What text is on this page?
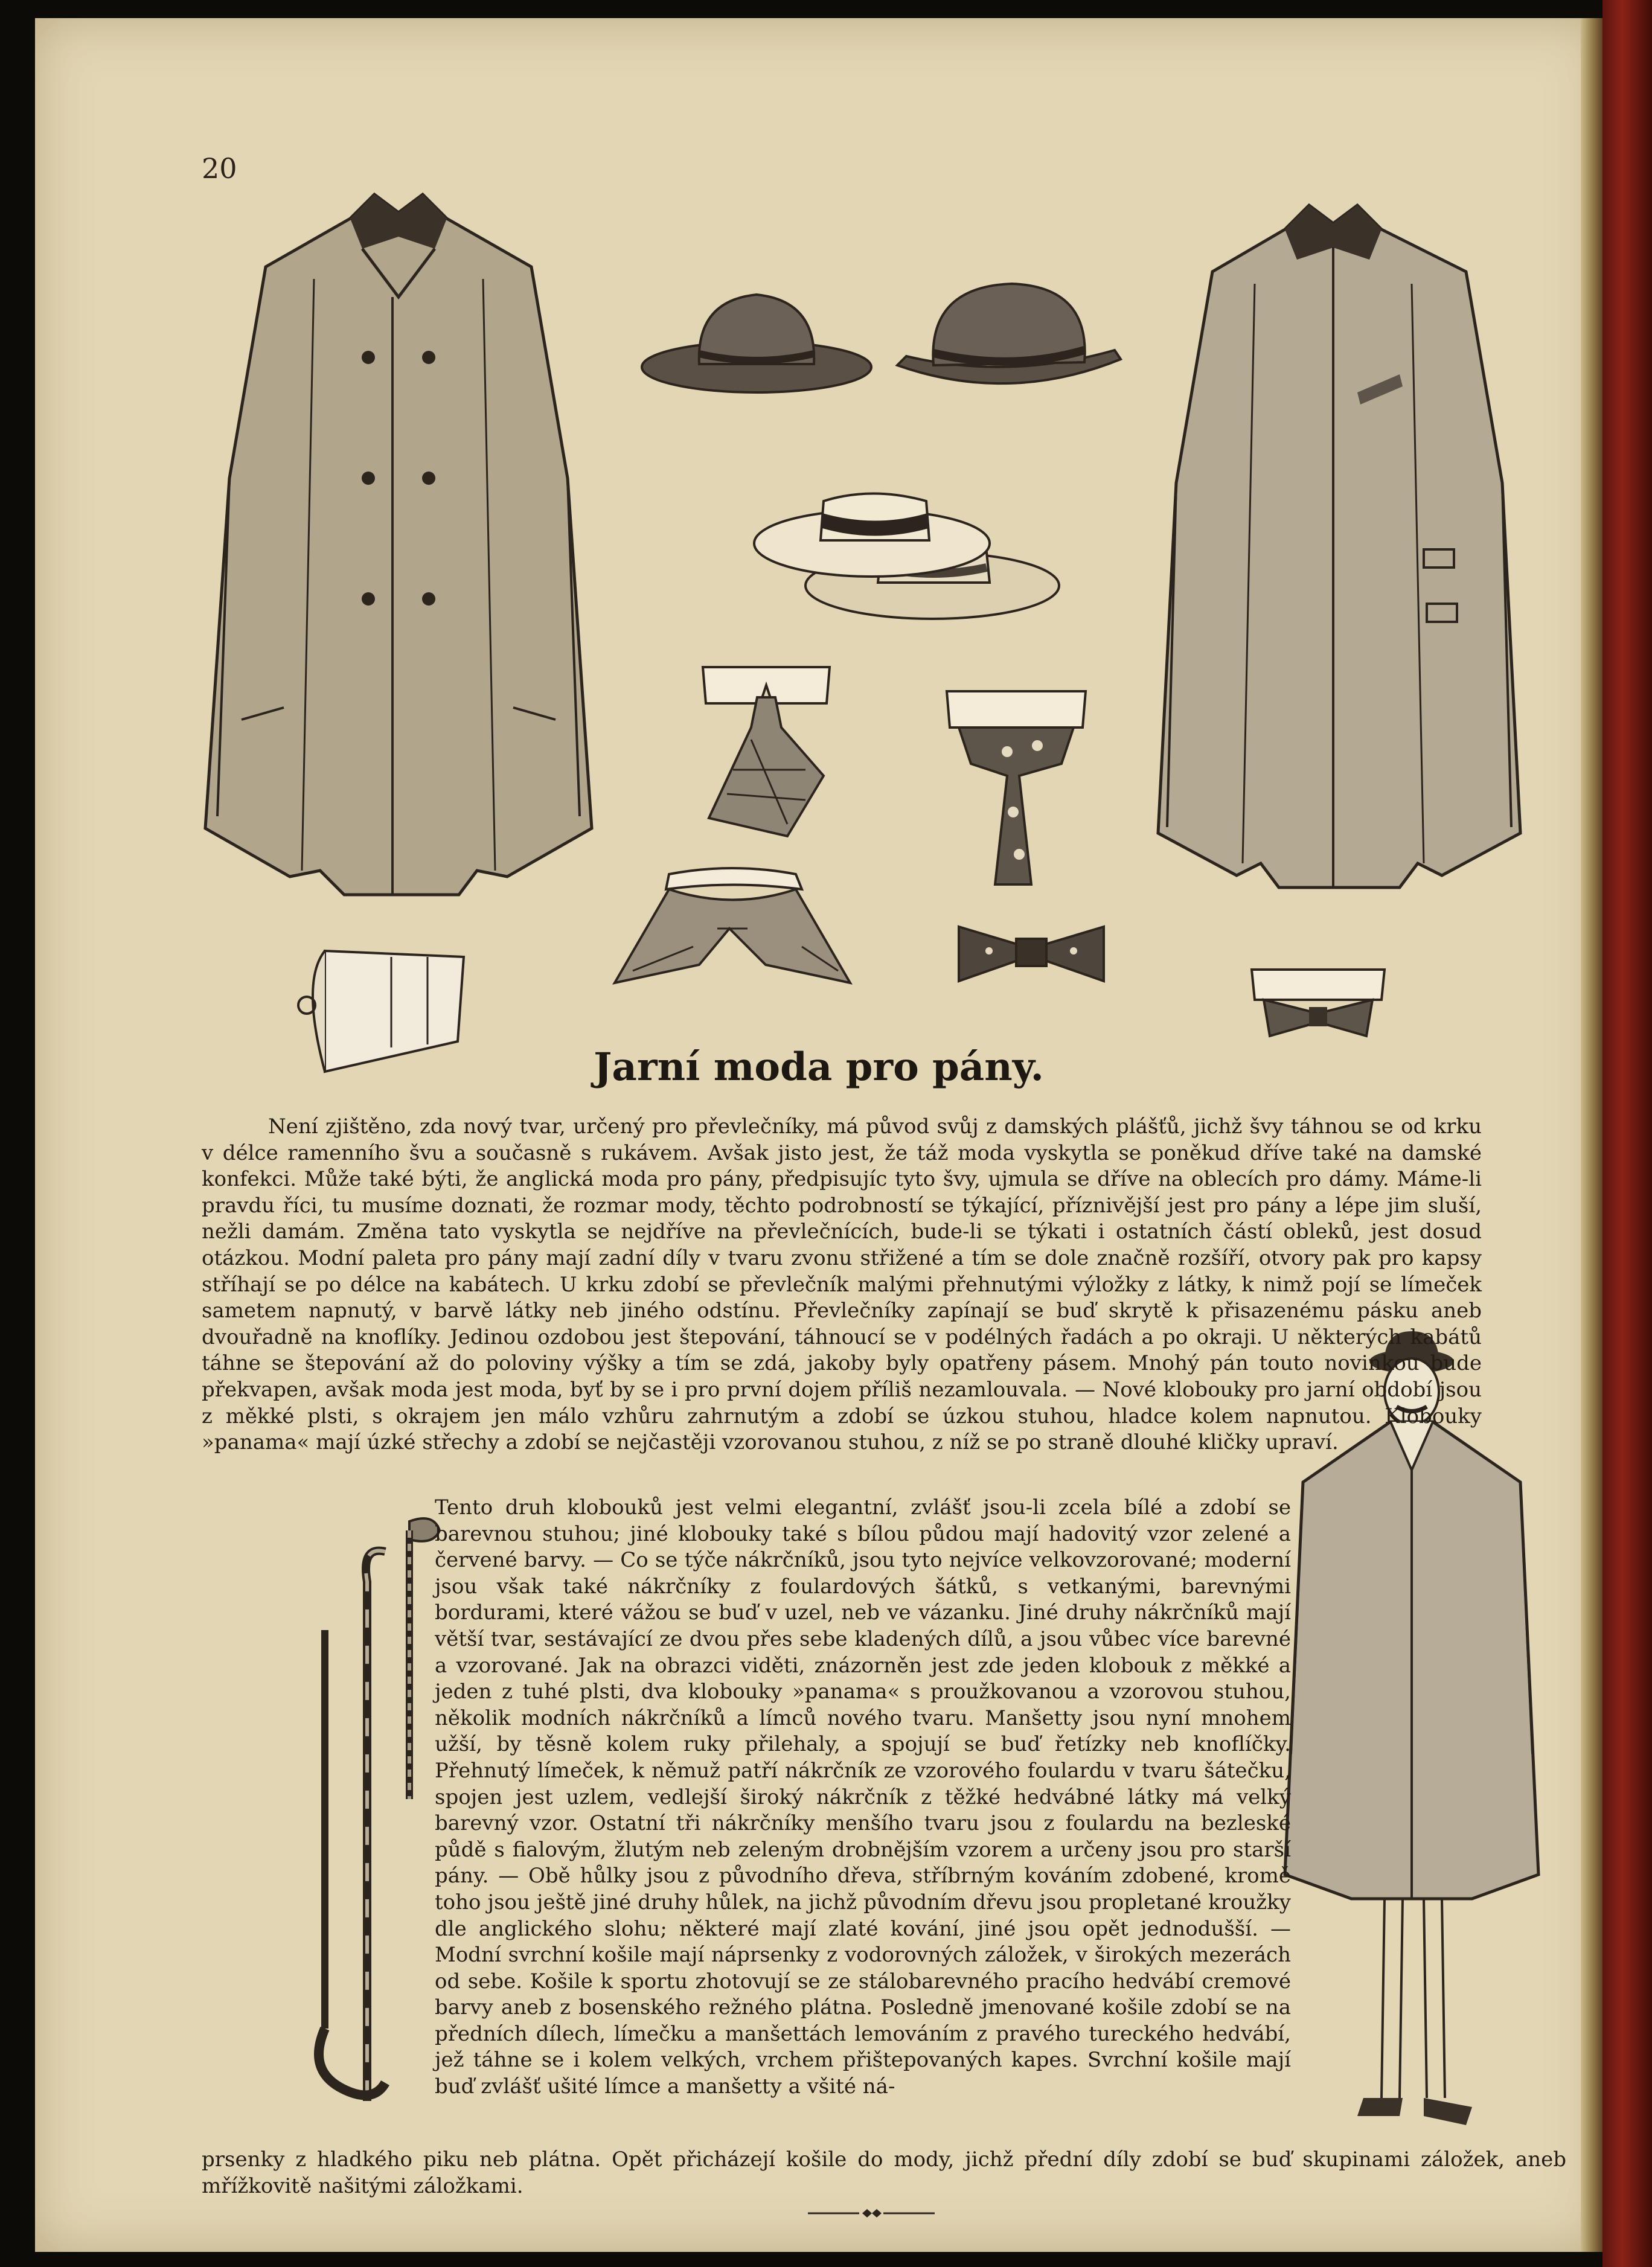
20
Jarní moda pro pány.

Není zjištěno, zda nový tvar, určený pro převlečníky, má původ svůj z damských plášťů, jichž švy táhnou se od krku v délce ramenního švu a současně s rukávem. Avšak jisto jest, že táž moda vyskytla se poněkud dříve také na damské konfekci. Může také býti, že anglická moda pro pány, předpisujíc tyto švy, ujmula se dříve na oblecích pro dámy. Máme-li pravdu říci, tu musíme doznati, že rozmar mody, těchto podrobností se týkající, příznivější jest pro pány a lépe jim sluší, nežli damám. Změna tato vyskytla se nejdříve na převlečnících, bude-li se týkati i ostatních částí obleků, jest dosud otázkou. Modní paleta pro pány mají zadní díly v tvaru zvonu střižené a tím se dole značně rozšíří, otvory pak pro kapsy stříhají se po délce na kabátech. U krku zdobí se převlečník malými přehnutými výložky z látky, k nimž pojí se límeček sametem napnutý, v barvě látky neb jiného odstínu. Převlečníky zapínají se buď skrytě k přisazenému pásku aneb dvouřadně na knoflíky. Jedinou ozdobou jest štepování, táhnoucí se v podélných řadách a po okraji. U některých kabátů táhne se štepování až do poloviny výšky a tím se zdá, jakoby byly opatřeny pásem. Mnohý pán touto novinkou bude překvapen, avšak moda jest moda, byť by se i pro první dojem příliš nezamlouvala. — Nové klobouky pro jarní období jsou z měkké plsti, s okrajem jen málo vzhůru zahrnutým a zdobí se úzkou stuhou, hladce kolem napnutou. Klobouky »panama« mají úzké střechy a zdobí se nejčastěji vzorovanou stuhou, z níž se po straně dlouhé kličky upraví.

Tento druh klobouků jest velmi elegantní, zvlášť jsou-li zcela bílé a zdobí se barevnou stuhou; jiné klobouky také s bílou půdou mají hadovitý vzor zelené a červené barvy. — Co se týče nákrčníků, jsou tyto nejvíce velkovzorované; moderní jsou však také nákrčníky z foulardových šátků, s vetkanými, barevnými bordurami, které vážou se buď v uzel, neb ve vázanku. Jiné druhy nákrčníků mají větší tvar, sestávající ze dvou přes sebe kladených dílů, a jsou vůbec více barevné a vzorované. Jak na obrazci viděti, znázorněn jest zde jeden klobouk z měkké a jeden z tuhé plsti, dva klobouky »panama« s proužkovanou a vzorovou stuhou, několik modních nákrčníků a límců nového tvaru. Manšetty jsou nyní mnohem užší, by těsně kolem ruky přilehaly, a spojují se buď řetízky neb knoflíčky. Přehnutý límeček, k němuž patří nákrčník ze vzorového foulardu v tvaru šátečku, spojen jest uzlem, vedlejší široký nákrčník z těžké hedvábné látky má velký barevný vzor. Ostatní tři nákrčníky menšího tvaru jsou z foulardu na bezleské půdě s fialovým, žlutým neb zeleným drobnějším vzorem a určeny jsou pro starší pány. — Obě hůlky jsou z původního dřeva, stříbrným kováním zdobené, kromě toho jsou ještě jiné druhy hůlek, na jichž původním dřevu jsou propletané kroužky dle anglického slohu; některé mají zlaté kování, jiné jsou opět jednodušší. — Modní svrchní košile mají náprsenky z vodorovných záložek, v širokých mezerách od sebe. Košile k sportu zhotovují se ze stálobarevného pracího hedvábí cremové barvy aneb z bosenského režného plátna. Posledně jmenované košile zdobí se na předních dílech, límečku a manšettách lemováním z pravého tureckého hedvábí, jež táhne se i kolem velkých, vrchem přištepovaných kapes. Svrchní košile mají buď zvlášť ušité límce a manšetty a všité ná-

prsenky z hladkého piku neb plátna. Opět přicházejí košile do mody, jichž přední díly zdobí se buď skupinami záložek, aneb mřížkovitě našitými záložkami.
